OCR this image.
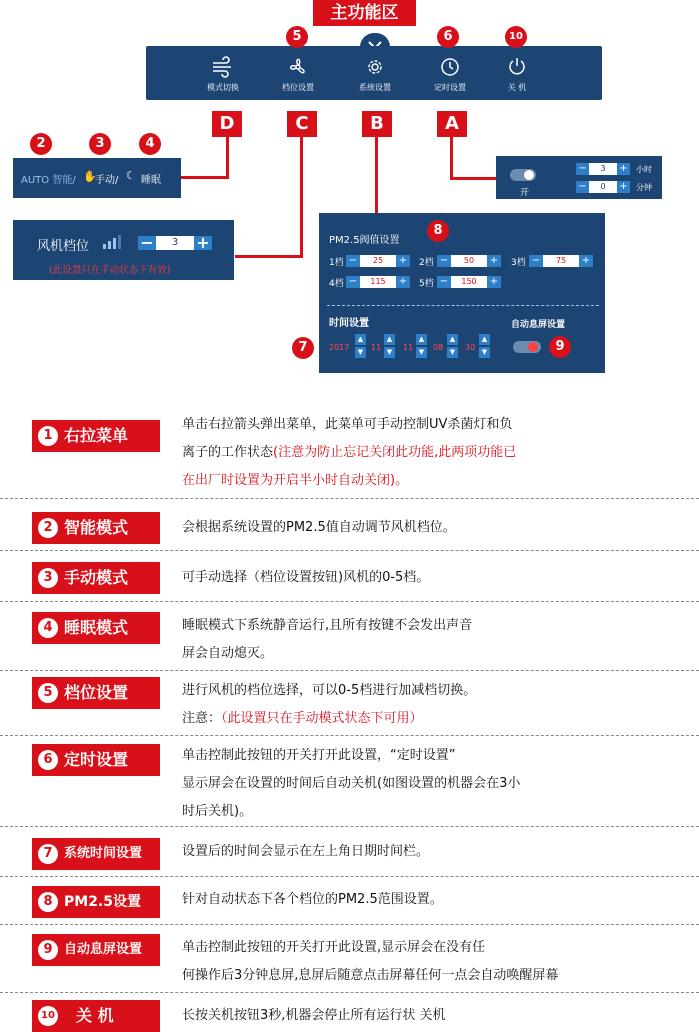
主功能区
模式切换	档位设置	系统设置	定时设置	关 机
5	6	10
D	C	B	A
2	3	4
AUTO 智能/ ✋
手动/ ☾ 睡眠
风机档位	−	3	+
(此设置只在手动状态下有效)
开
−	3	+ 小时
−	0	+ 分钟
PM2.5阀值设置
8
1档 −	25	+	2档 −	50	+	3档 −	75	+
4档 −	115	+	5档 −	150	+
时间设置	自动息屏设置
2017
▲
▼ 11
▲
▼	11
▲
▼	08
▲
▼	30
▲
▼	9
7
1 右拉菜单
单击右拉箭头弹出菜单，此菜单可手动控制UV杀菌灯和负
离子的工作状态(注意为防止忘记关闭此功能,此两项功能已
在出厂时设置为开启半小时自动关闭)。
2 智能模式	会根据系统设置的PM2.5值自动调节风机档位。
3 手动模式	可手动选择（档位设置按钮)风机的0-5档。
4 睡眠模式	睡眠模式下系统静音运行,且所有按键不会发出声音
屏会自动熄灭。
5 档位设置	进行风机的档位选择，可以0-5档进行加减档切换。
注意：（此设置只在手动模式状态下可用）
6 定时设置	单击控制此按钮的开关打开此设置，“定时设置”
显示屏会在设置的时间后自动关机(如图设置的机器会在3小
时后关机)。
7 系统时间设置	设置后的时间会显示在左上角日期时间栏。
8 PM2.5设置	针对自动状态下各个档位的PM2.5范围设置。
9 自动息屏设置	单击控制此按钮的开关打开此设置,显示屏会在没有任
何操作后3分钟息屏,息屏后随意点击屏幕任何一点会自动唤醒屏幕
10 关 机	长按关机按钮3秒,机器会停止所有运行状 关机
